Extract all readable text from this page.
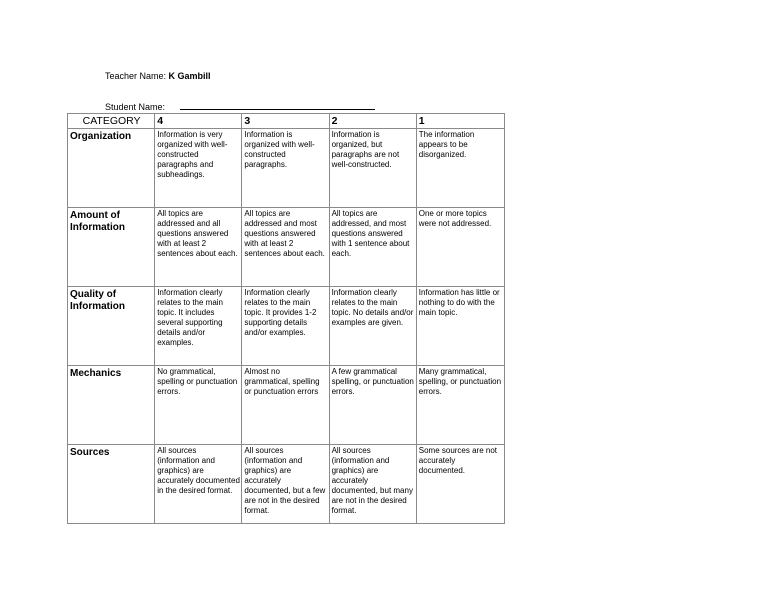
Teacher Name: K Gambill
Student Name:
CATEGORY	4	3	2	1
Organization	Information is very organized with well-constructed paragraphs and subheadings.	Information is organized with well-constructed paragraphs.	Information is organized, but paragraphs are not well-constructed.	The information appears to be disorganized.
Amount of Information	All topics are addressed and all questions answered with at least 2 sentences about each.	All topics are addressed and most questions answered with at least 2 sentences about each.	All topics are addressed, and most questions answered with 1 sentence about each.	One or more topics were not addressed.
Quality of Information	Information clearly relates to the main topic. It includes several supporting details and/or examples.	Information clearly relates to the main topic. It provides 1-2 supporting details and/or examples.	Information clearly relates to the main topic. No details and/or examples are given.	Information has little or nothing to do with the main topic.
Mechanics	No grammatical, spelling or punctuation errors.	Almost no grammatical, spelling or punctuation errors	A few grammatical spelling, or punctuation errors.	Many grammatical, spelling, or punctuation errors.
Sources	All sources (information and graphics) are accurately documented in the desired format.	All sources (information and graphics) are accurately documented, but a few are not in the desired format.	All sources (information and graphics) are accurately documented, but many are not in the desired format.	Some sources are not accurately documented.
